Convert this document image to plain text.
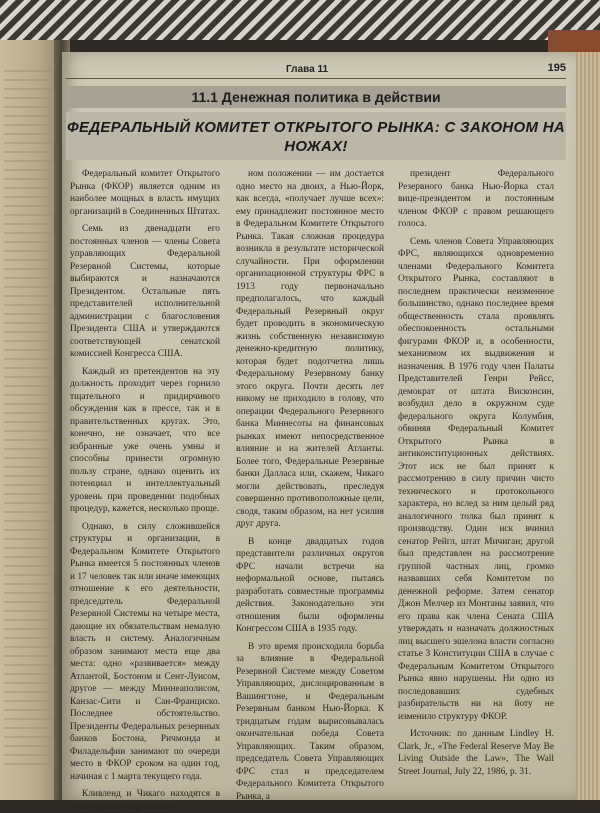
Глава 11	195
11.1 Денежная политика в действии
ФЕДЕРАЛЬНЫЙ КОМИТЕТ ОТКРЫТОГО РЫНКА: С ЗАКОНОМ НА НОЖАХ!

Федеральный комитет Открытого Рынка (ФКОР) является одним из наиболее мощных в власть имущих организаций в Соединенных Штатах.

Семь из двенадцати его постоянных членов — члены Совета управляющих Федеральной Резервной Системы, которые выбираются и назначаются Президентом. Остальные пять представителей исполнительной администрации с благословения Президента США и утверждаются соответствующей сенатской комиссией Конгресса США.

Каждый из претендентов на эту должность проходит через горнило тщательного и придирчивого обсуждения как в прессе, так и в правительственных кругах. Это, конечно, не означает, что все избранные уже очень умны и способны принести огромную пользу стране, однако оценить их потенциал и интеллектуальный уровень при проведении подобных процедур, кажется, несколько проще.

Однако, в силу сложившейся структуры и организации, в Федеральном Комитете Открытого Рынка имеется 5 постоянных членов и 17 человек так или иначе имеющих отношение к его деятельности, председатель Федеральной Резервной Системы на четыре места, дающие их обязательствам немалую власть и систему. Аналогичным образом занимают места еще два места: одно «развивается» между Атлантой, Бостоном и Сент-Луисом, другое — между Миннеаполисом, Канзас-Сити и Сан-Франциско. Последнее обстоятельство. Президенты Федеральных резервных банков Бостона, Ричмонда и Филадельфии занимают по очереди место в ФКОР сроком на один год, начиная с 1 марта текущего года.

Кливленд и Чикаго находятся в более привилегированном

ном положении — им достается одно место на двоих, а Нью-Йорк, как всегда, «получает лучше всех»: ему принадлежит постоянное место в Федеральном Комитете Открытого Рынка. Такая сложная процедура возникла в результате исторической случайности. При оформлении организационной структуры ФРС в 1913 году первоначально предполагалось, что каждый Федеральный Резервный округ будет проводить в экономическую жизнь собственную независимую денежно-кредитную политику, которая будет подотчетна лишь Федеральному Резервному банку этого округа. Почти десять лет никому не приходило в голову, что операции Федерального Резервного банка Миннесоты на финансовых рынках имеют непосредственное влияние и на жителей Атланты. Более того, Федеральные Резервные банки Далласа или, скажем, Чикаго могли действовать, преследуя совершенно противоположные цели, сводя, таким образом, на нет усилия друг друга.

В конце двадцатых годов представители различных округов ФРС начали встречи на неформальной основе, пытаясь разработать совместные программы действия. Законодательно эти отношения были оформлены Конгрессом США в 1935 году.

В это время происходила борьба за влияние в Федеральной Резервной Системе между Советом Управляющих, дислоцированным в Вашингтоне, и Федеральным Резервным банком Нью-Йорка. К тридцатым годам вырисовывалась окончательная победа Совета Управляющих. Таким образом, председатель Совета Управляющих ФРС стал и председателем Федерального Комитета Открытого Рынка, а

президент Федерального Резервного банка Нью-Йорка стал вице-президентом и постоянным членом ФКОР с правом решающего голоса.

Семь членов Совета Управляющих ФРС, являющихся одновременно членами Федерального Комитета Открытого Рынка, составляют в последнем практически неизменное большинство, однако последнее время общественность стала проявлять обеспокоенность остальными фигурами ФКОР и, в особенности, механизмом их выдвижения и назначения. В 1976 году член Палаты Представителей Генри Рейсс, демократ от штата Висконсин, возбудил дело в окружном суде федерального округа Колумбия, обвиняя Федеральный Комитет Открытого Рынка в антиконституционных действиях. Этот иск не был принят к рассмотрению в силу причин чисто технического и протокольного характера, но вслед за ним целый ряд аналогичного толка был принят к производству. Один иск вчинил сенатор Рейгл, штат Мичиган; другой был представлен на рассмотрение группой частных лиц, громко назвавших себя Комитетом по денежной реформе. Затем сенатор Джон Мелчер из Монтаны заявил, что его права как члена Сената США утверждать и назначать должностных лиц высшего эшелона власти согласно статье 3 Конституции США в случае с Федеральным Комитетом Открытого Рынка явно нарушены. Ни одно из последовавших судебных разбирательств ни на йоту не изменило структуру ФКОР.

Источник: по данным Lindley H. Clark, Jr., «The Federal Reserve May Be Living Outside the Law», The Wall Street Journal, July 22, 1986, p. 31.
